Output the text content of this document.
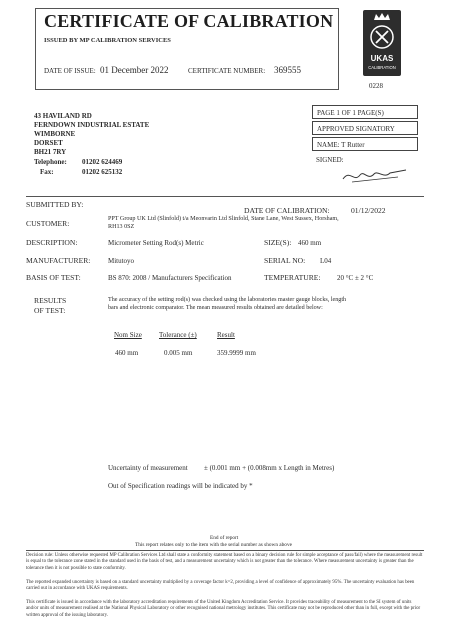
CERTIFICATE OF CALIBRATION
ISSUED BY MP CALIBRATION SERVICES
DATE OF ISSUE: 01 December 2022	CERTIFICATE NUMBER: 369555
UKAS
CALIBRATION
0228
43 HAVILAND RD
FERNDOWN INDUSTRIAL ESTATE
WIMBORNE
DORSET
BH21 7RY
Telephone: 01202 624469
Fax:	01202 625132
PAGE 1 OF 1 PAGE(S)
APPROVED SIGNATORY
NAME: T Rutter
SIGNED:
SUBMITTED BY:
DATE OF CALIBRATION:	01/12/2022
CUSTOMER:	PPT Group UK Ltd (Slinfold) t/a Meonvarin Ltd Slinfold, Stane Lane, West Sussex, Horsham,
RH13 0SZ
DESCRIPTION:	Micrometer Setting Rod(s) Metric	SIZE(S): 460 mm
MANUFACTURER:	Mitutoyo	SERIAL NO: L04
BASIS OF TEST:	BS 870: 2008 / Manufacturers Specification	TEMPERATURE: 20 °C ± 2 °C
RESULTS
OF TEST:
The accuracy of the setting rod(s) was checked using the laboratories master gauge blocks, length
bars and electronic comparator. The mean measured results obtained are detailed below:
Nom Size Tolerance (±)	Result
460 mm	0.005 mm	359.9999 mm
Uncertainty of measurement ± (0.001 mm + (0.008mm x Length in Metres)
Out of Specification readings will be indicated by *
End of report
This report relates only to the item with the serial number as shown above
Decision rule: Unless otherwise requested MP Calibration Services Ltd shall state a conformity statement based on a binary decision rule for simple acceptance of pass/fail) where the measurement result is equal to the tolerance zone stated in the standard used in the basis of test, and a measurement uncertainty which is not greater than the tolerance. Where measurement uncertainty is greater than the tolerance then it is not possible to state conformity.
The reported expanded uncertainty is based on a standard uncertainty multiplied by a coverage factor k=2, providing a level of confidence of approximately 95%. The uncertainty evaluation has been carried out in accordance with UKAS requirements.
This certificate is issued in accordance with the laboratory accreditation requirements of the United Kingdom Accreditation Service. It provides traceability of measurement to the SI system of units and/or units of measurement realised at the National Physical Laboratory or other recognised national metrology institutes. This certificate may not be reproduced other than in full, except with the prior written approval of the issuing laboratory.
